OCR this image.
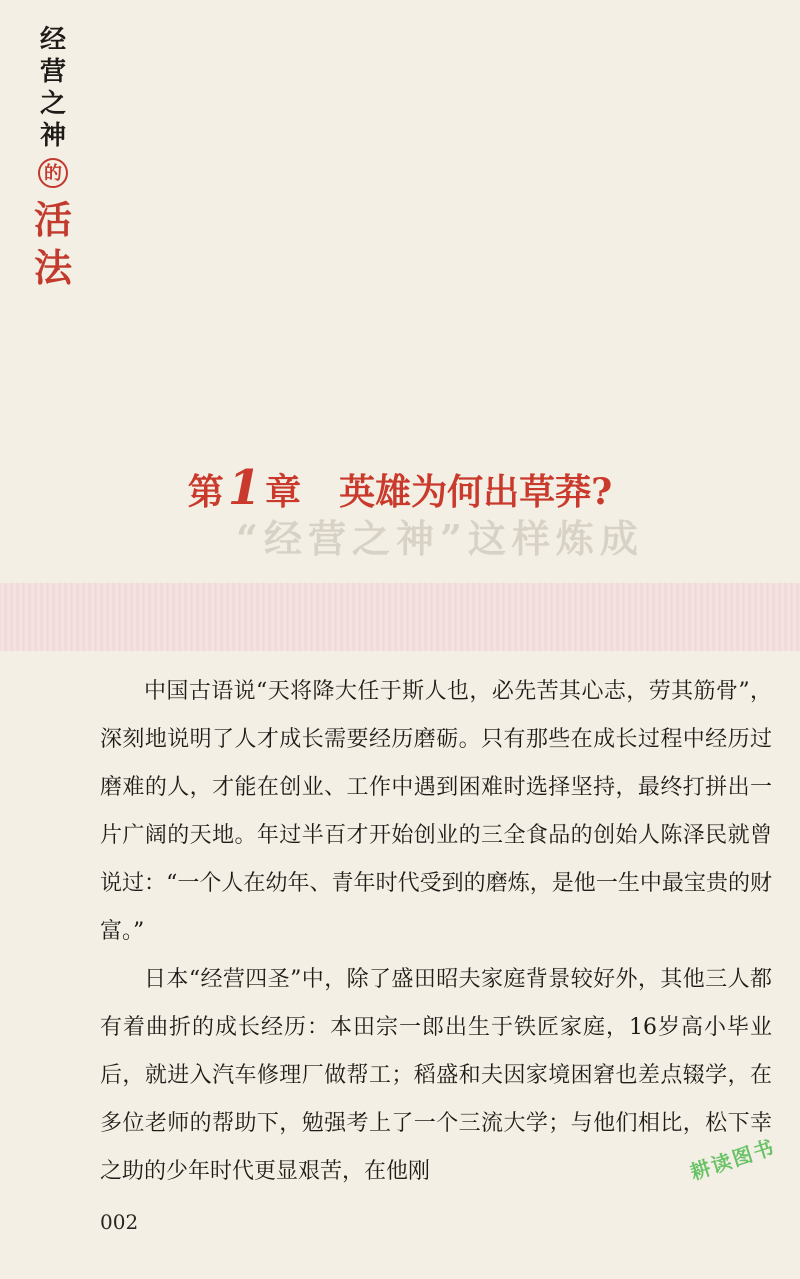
经
营
之
神
的
活
法
“经营之神”这样炼成
第1 章 英雄为何出草莽?

中国古语说“天将降大任于斯人也，必先苦其心志，劳其筋骨”，深刻地说明了人才成长需要经历磨砺。只有那些在成长过程中经历过磨难的人，才能在创业、工作中遇到困难时选择坚持，最终打拼出一片广阔的天地。年过半百才开始创业的三全食品的创始人陈泽民就曾说过：“一个人在幼年、青年时代受到的磨炼，是他一生中最宝贵的财富。”

日本“经营四圣”中，除了盛田昭夫家庭背景较好外，其他三人都有着曲折的成长经历：本田宗一郎出生于铁匠家庭，16岁高小毕业后，就进入汽车修理厂做帮工；稻盛和夫因家境困窘也差点辍学，在多位老师的帮助下，勉强考上了一个三流大学；与他们相比，松下幸之助的少年时代更显艰苦，在他刚

002
耕读图书
